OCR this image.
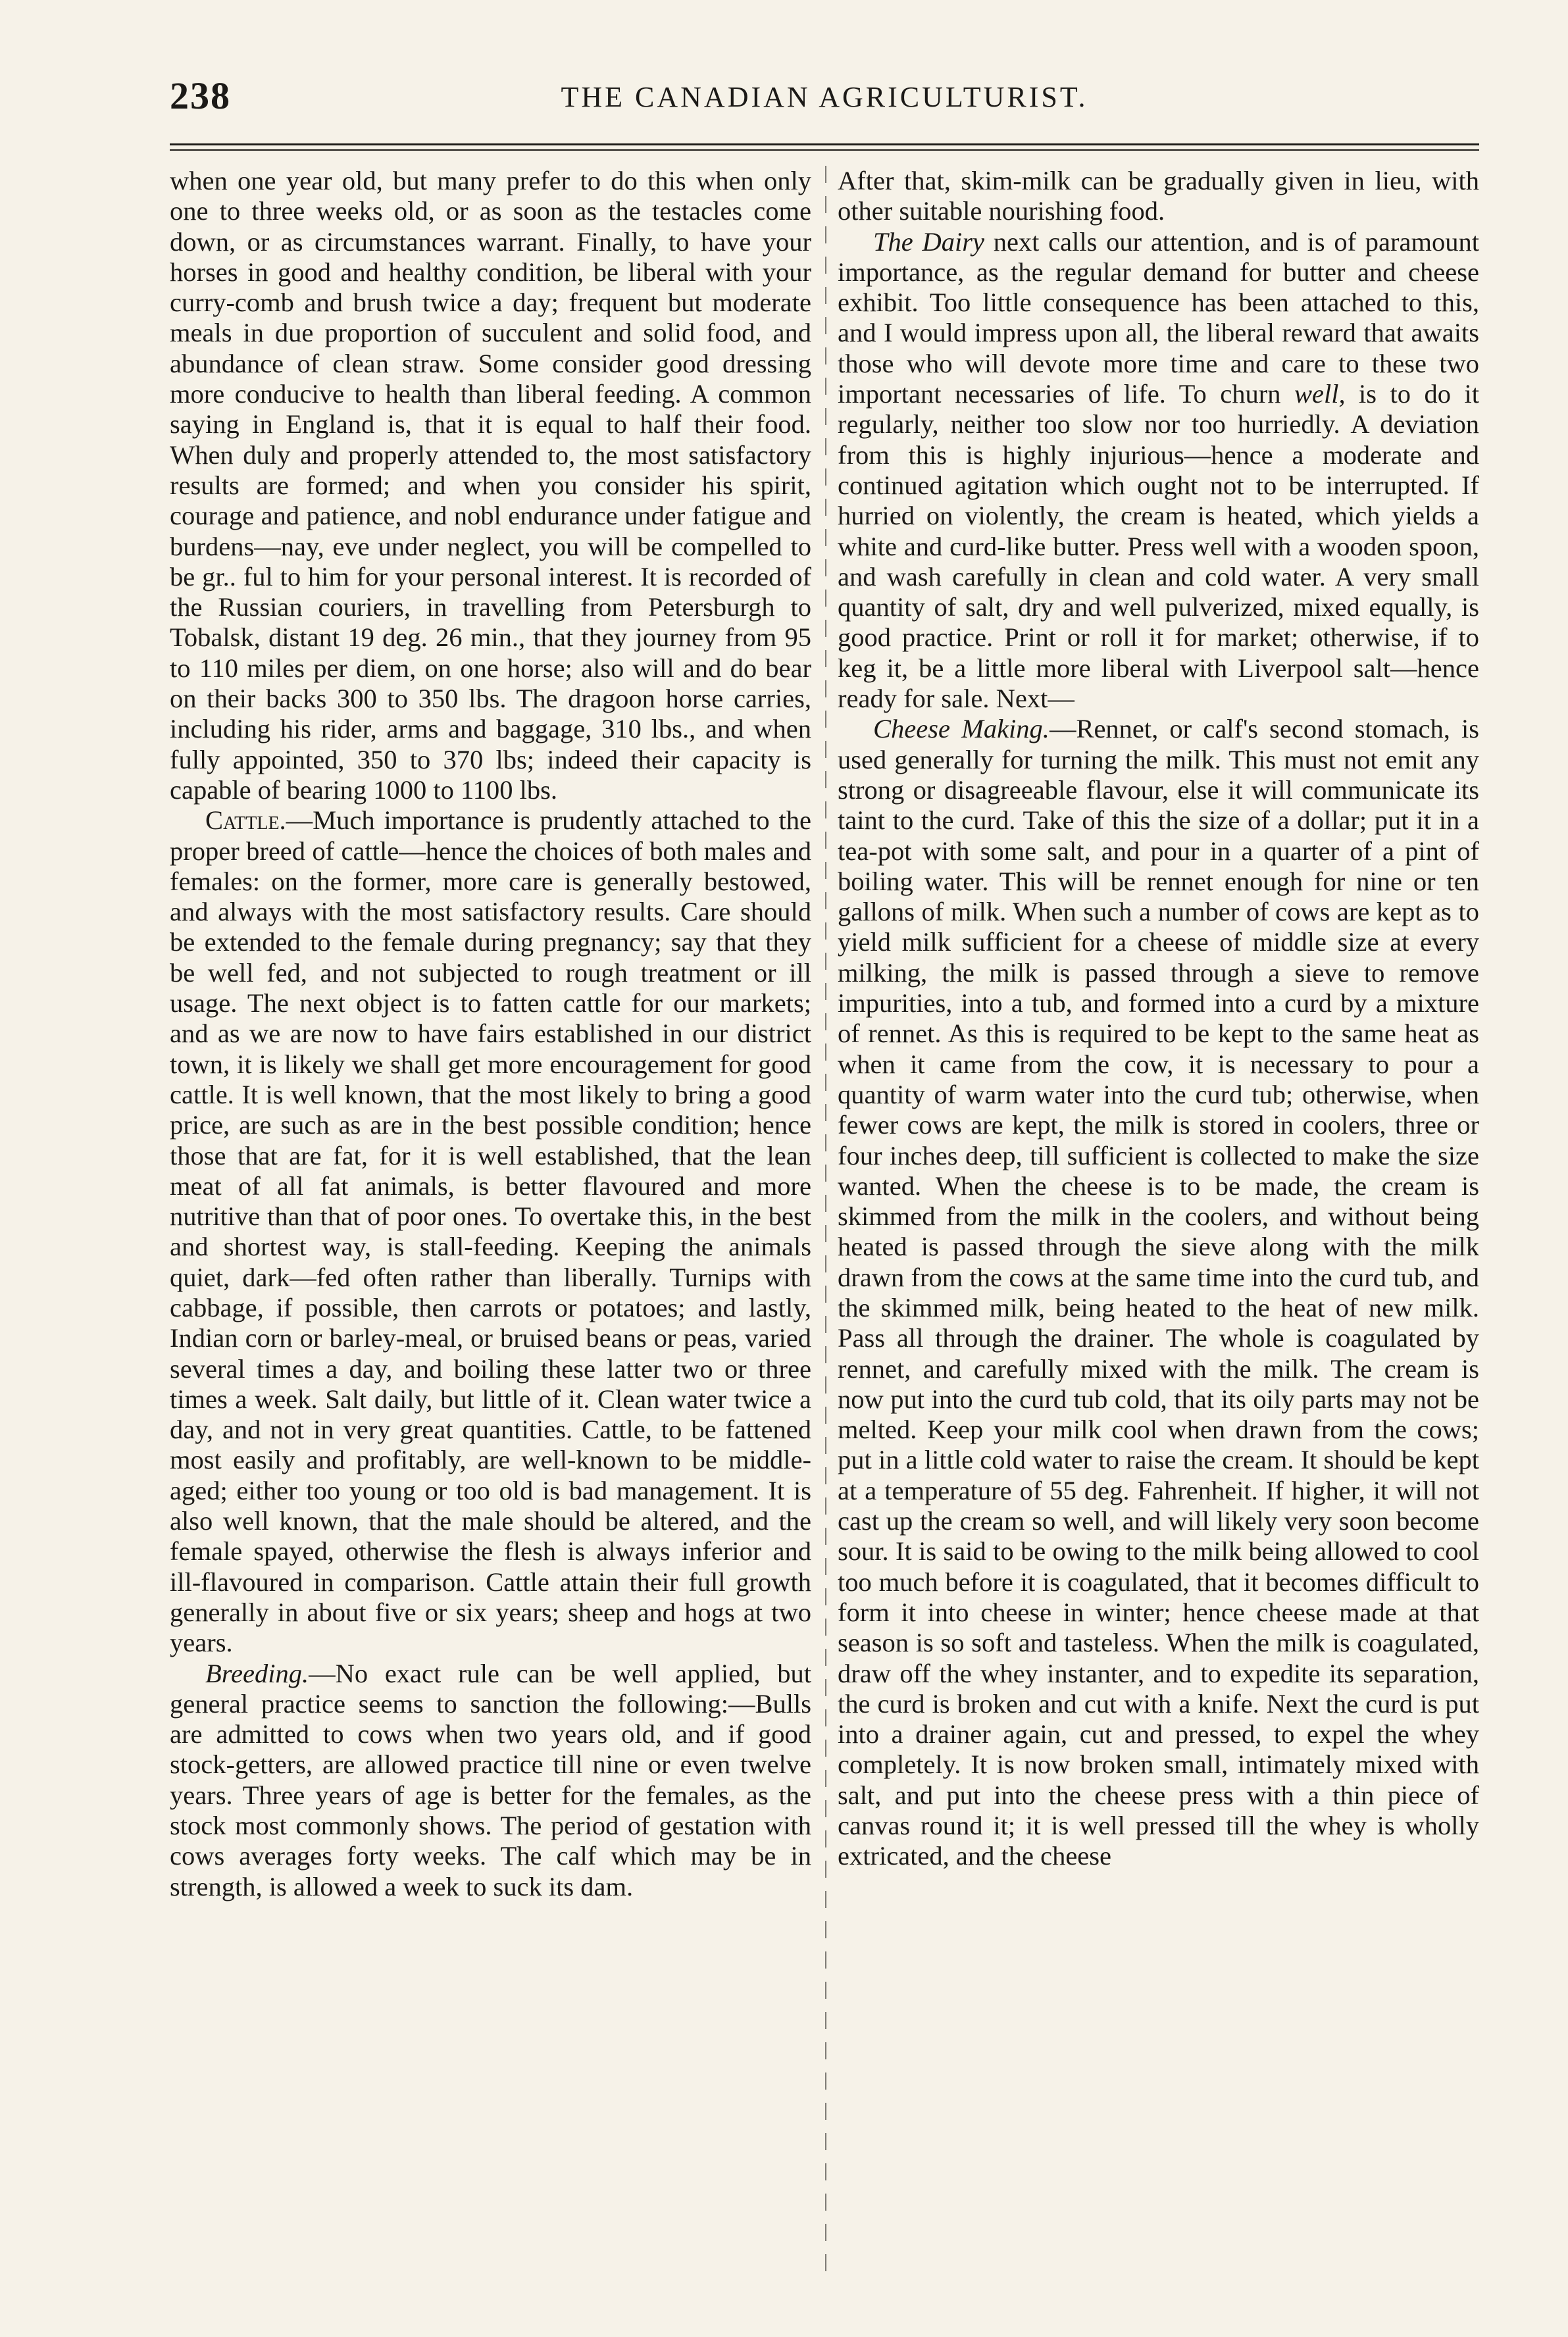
238	THE CANADIAN AGRICULTURIST.

when one year old, but many prefer to do this when only one to three weeks old, or as soon as the testacles come down, or as circumstances warrant. Finally, to have your horses in good and healthy condition, be liberal with your curry-comb and brush twice a day; frequent but moderate meals in due proportion of succulent and solid food, and abundance of clean straw. Some consider good dressing more conducive to health than liberal feeding. A common saying in England is, that it is equal to half their food. When duly and properly attended to, the most satisfactory results are formed; and when you consider his spirit, courage and patience, and nobl endurance under fatigue and burdens—nay, eve under neglect, you will be compelled to be gr.. ful to him for your personal interest. It is recorded of the Russian couriers, in travelling from Petersburgh to Tobalsk, distant 19 deg. 26 min., that they journey from 95 to 110 miles per diem, on one horse; also will and do bear on their backs 300 to 350 lbs. The dragoon horse carries, including his rider, arms and baggage, 310 lbs., and when fully appointed, 350 to 370 lbs; indeed their capacity is capable of bearing 1000 to 1100 lbs.

Cattle.—Much importance is prudently attached to the proper breed of cattle—hence the choices of both males and females: on the former, more care is generally bestowed, and always with the most satisfactory results. Care should be extended to the female during pregnancy; say that they be well fed, and not subjected to rough treatment or ill usage. The next object is to fatten cattle for our markets; and as we are now to have fairs established in our district town, it is likely we shall get more encouragement for good cattle. It is well known, that the most likely to bring a good price, are such as are in the best possible condition; hence those that are fat, for it is well established, that the lean meat of all fat animals, is better flavoured and more nutritive than that of poor ones. To overtake this, in the best and shortest way, is stall-feeding. Keeping the animals quiet, dark—fed often rather than liberally. Turnips with cabbage, if possible, then carrots or potatoes; and lastly, Indian corn or barley-meal, or bruised beans or peas, varied several times a day, and boiling these latter two or three times a week. Salt daily, but little of it. Clean water twice a day, and not in very great quantities. Cattle, to be fattened most easily and profitably, are well-known to be middle-aged; either too young or too old is bad management. It is also well known, that the male should be altered, and the female spayed, otherwise the flesh is always inferior and ill-flavoured in comparison. Cattle attain their full growth generally in about five or six years; sheep and hogs at two years.

Breeding.—No exact rule can be well applied, but general practice seems to sanction the following:—Bulls are admitted to cows when two years old, and if good stock-getters, are allowed practice till nine or even twelve years. Three years of age is better for the females, as the stock most commonly shows. The period of gestation with cows averages forty weeks. The calf which may be in strength, is allowed a week to suck its dam.

After that, skim-milk can be gradually given in lieu, with other suitable nourishing food.

The Dairy next calls our attention, and is of paramount importance, as the regular demand for butter and cheese exhibit. Too little consequence has been attached to this, and I would impress upon all, the liberal reward that awaits those who will devote more time and care to these two important necessaries of life. To churn well, is to do it regularly, neither too slow nor too hurriedly. A deviation from this is highly injurious—hence a moderate and continued agitation which ought not to be interrupted. If hurried on violently, the cream is heated, which yields a white and curd-like butter. Press well with a wooden spoon, and wash carefully in clean and cold water. A very small quantity of salt, dry and well pulverized, mixed equally, is good practice. Print or roll it for market; otherwise, if to keg it, be a little more liberal with Liverpool salt—hence ready for sale. Next—

Cheese Making.—Rennet, or calf's second stomach, is used generally for turning the milk. This must not emit any strong or disagreeable flavour, else it will communicate its taint to the curd. Take of this the size of a dollar; put it in a tea-pot with some salt, and pour in a quarter of a pint of boiling water. This will be rennet enough for nine or ten gallons of milk. When such a number of cows are kept as to yield milk sufficient for a cheese of middle size at every milking, the milk is passed through a sieve to remove impurities, into a tub, and formed into a curd by a mixture of rennet. As this is required to be kept to the same heat as when it came from the cow, it is necessary to pour a quantity of warm water into the curd tub; otherwise, when fewer cows are kept, the milk is stored in coolers, three or four inches deep, till sufficient is collected to make the size wanted. When the cheese is to be made, the cream is skimmed from the milk in the coolers, and without being heated is passed through the sieve along with the milk drawn from the cows at the same time into the curd tub, and the skimmed milk, being heated to the heat of new milk. Pass all through the drainer. The whole is coagulated by rennet, and carefully mixed with the milk. The cream is now put into the curd tub cold, that its oily parts may not be melted. Keep your milk cool when drawn from the cows; put in a little cold water to raise the cream. It should be kept at a temperature of 55 deg. Fahrenheit. If higher, it will not cast up the cream so well, and will likely very soon become sour. It is said to be owing to the milk being allowed to cool too much before it is coagulated, that it becomes difficult to form it into cheese in winter; hence cheese made at that season is so soft and tasteless. When the milk is coagulated, draw off the whey instanter, and to expedite its separation, the curd is broken and cut with a knife. Next the curd is put into a drainer again, cut and pressed, to expel the whey completely. It is now broken small, intimately mixed with salt, and put into the cheese press with a thin piece of canvas round it; it is well pressed till the whey is wholly extricated, and the cheese
